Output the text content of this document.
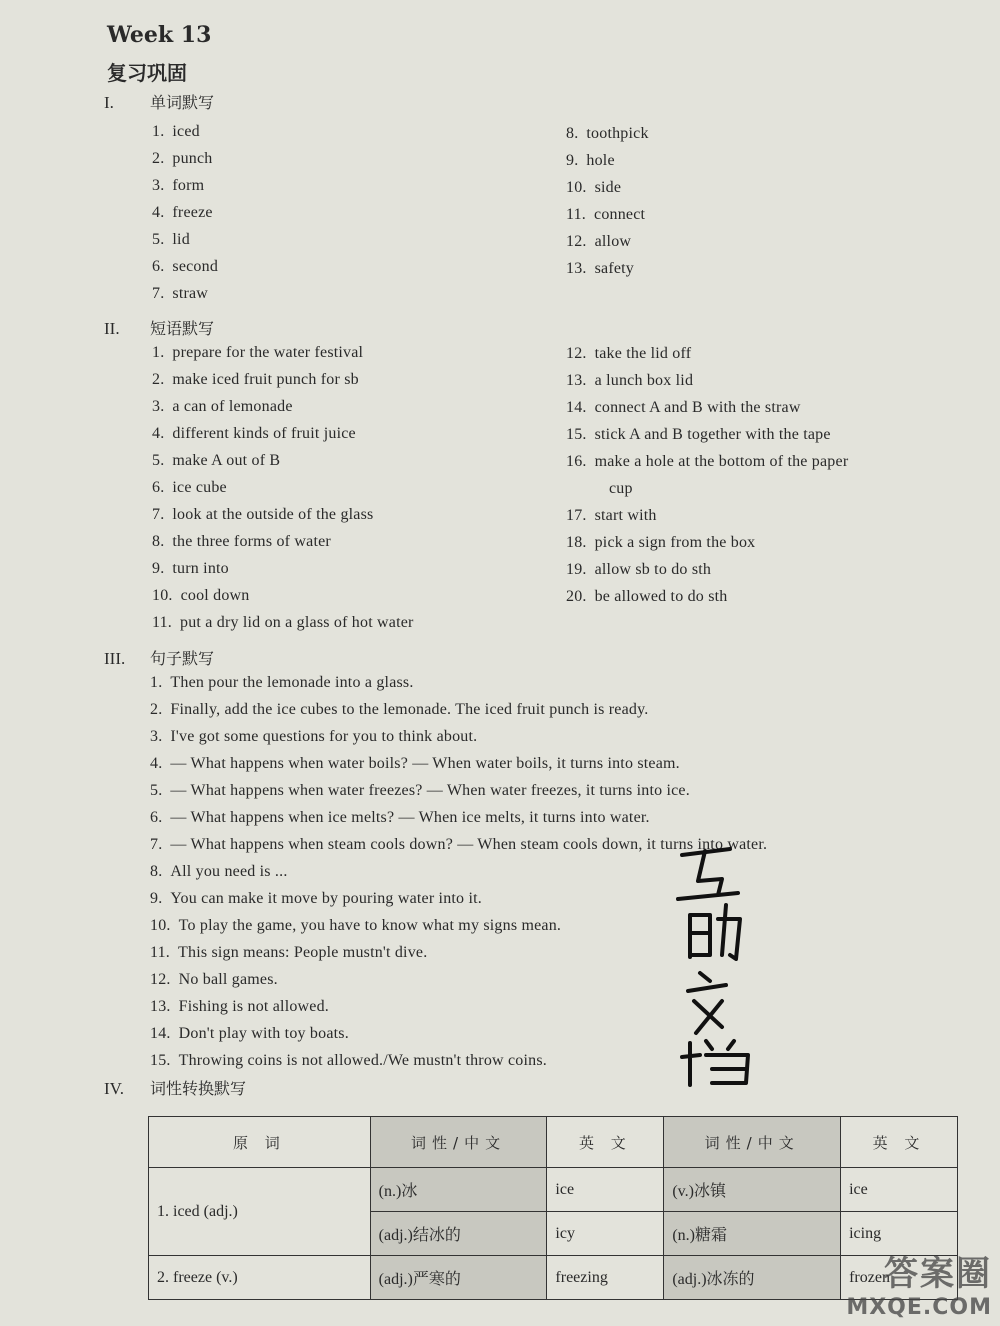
Week 13
复习巩固
I. 单词默写
1. iced
2. punch
3. form
4. freeze
5. lid
6. second
7. straw
8. toothpick
9. hole
10. side
11. connect
12. allow
13. safety
II. 短语默写
1. prepare for the water festival
2. make iced fruit punch for sb
3. a can of lemonade
4. different kinds of fruit juice
5. make A out of B
6. ice cube
7. look at the outside of the glass
8. the three forms of water
9. turn into
10. cool down
11. put a dry lid on a glass of hot water
12. take the lid off
13. a lunch box lid
14. connect A and B with the straw
15. stick A and B together with the tape
16. make a hole at the bottom of the paper
cup
17. start with
18. pick a sign from the box
19. allow sb to do sth
20. be allowed to do sth
III. 句子默写
1. Then pour the lemonade into a glass.
2. Finally, add the ice cubes to the lemonade. The iced fruit punch is ready.
3. I've got some questions for you to think about.
4. — What happens when water boils? — When water boils, it turns into steam.
5. — What happens when water freezes? — When water freezes, it turns into ice.
6. — What happens when ice melts? — When ice melts, it turns into water.
7. — What happens when steam cools down? — When steam cools down, it turns into water.
8. All you need is ...
9. You can make it move by pouring water into it.
10. To play the game, you have to know what my signs mean.
11. This sign means: People mustn't dive.
12. No ball games.
13. Fishing is not allowed.
14. Don't play with toy boats.
15. Throwing coins is not allowed./We mustn't throw coins.
IV. 词性转换默写
原 词	词性/中文	英 文	词性/中文	英 文
1. iced (adj.)	(n.)冰	ice	(v.)冰镇	ice
	(adj.)结冰的	icy	(n.)糖霜	icing
2. freeze (v.)	(adj.)严寒的	freezing	(adj.)冰冻的	frozen
答案圈
MXQE.COM
